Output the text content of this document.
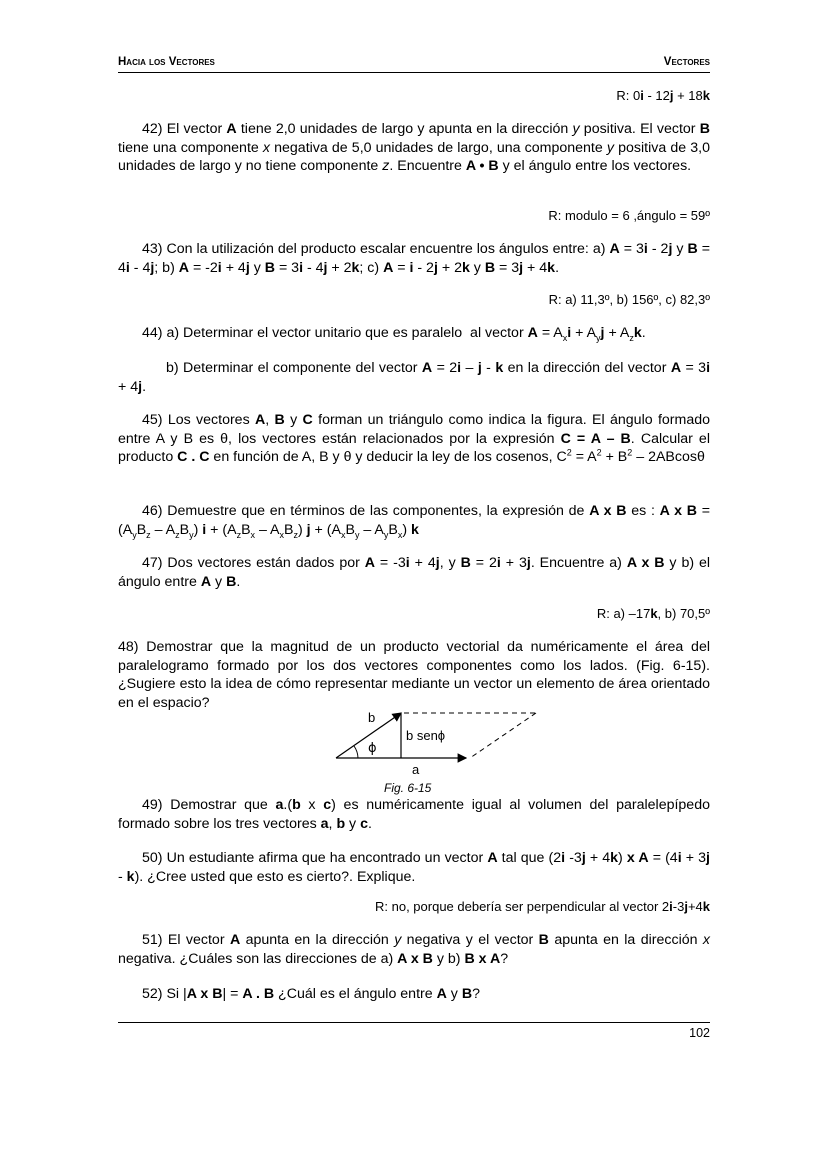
Hacia los Vectores	Vectores
R: 0i - 12j + 18k
42) El vector A tiene 2,0 unidades de largo y apunta en la dirección y positiva. El vector B tiene una componente x negativa de 5,0 unidades de largo, una componente y positiva de 3,0 unidades de largo y no tiene componente z. Encuentre A • B y el ángulo entre los vectores.
R: modulo = 6 ,ángulo = 59º
43) Con la utilización del producto escalar encuentre los ángulos entre: a) A = 3i - 2j y B = 4i - 4j; b) A = -2i + 4j y B = 3i - 4j + 2k; c) A = i - 2j + 2k y B = 3j + 4k.
R: a) 11,3º, b) 156º, c) 82,3º
44) a) Determinar el vector unitario que es paralelo  al vector $A = A_xi + A_yj + A_zk$.
b) Determinar el componente del vector A = 2i – j - k en la dirección del vector A = 3i + 4j.
45) Los vectores A, B y C forman un triángulo como indica la figura. El ángulo formado entre A y B es θ, los vectores están relacionados por la expresión C = A – B. Calcular el producto C . C en función de A, B y θ y deducir la ley de los cosenos, $C^2 = A^2 + B^2 - 2ABcos\theta$
46) Demuestre que en términos de las componentes, la expresión de A x B es : A x $B = (A_yB_z - A_zB_y) i + (A_zB_x - A_xB_z) j + (A_xB_y - A_yB_x)$ k
47) Dos vectores están dados por A = -3i + 4j, y B = 2i + 3j. Encuentre a) A x B y b) el ángulo entre A y B.
R: a) –17k, b) 70,5º
48) Demostrar que la magnitud de un producto vectorial da numéricamente el área del paralelogramo formado por los dos vectores componentes como los lados. (Fig. 6-15). ¿Sugiere esto la idea de cómo representar mediante un vector un elemento de área orientado en el espacio?
b
ϕ
b senϕ
a
Fig. 6-15
49) Demostrar que a.(b x c) es numéricamente igual al volumen del paralelepípedo formado sobre los tres vectores a, b y c.
50) Un estudiante afirma que ha encontrado un vector A tal que (2i -3j + 4k) x A = (4i + 3j - k). ¿Cree usted que esto es cierto?. Explique.
R: no, porque debería ser perpendicular al vector 2i-3j+4k
51) El vector A apunta en la dirección y negativa y el vector B apunta en la dirección x negativa. ¿Cuáles son las direcciones de a) A x B y b) B x A?
52) Si |A x B| = A . B ¿Cuál es el ángulo entre A y B?
102
